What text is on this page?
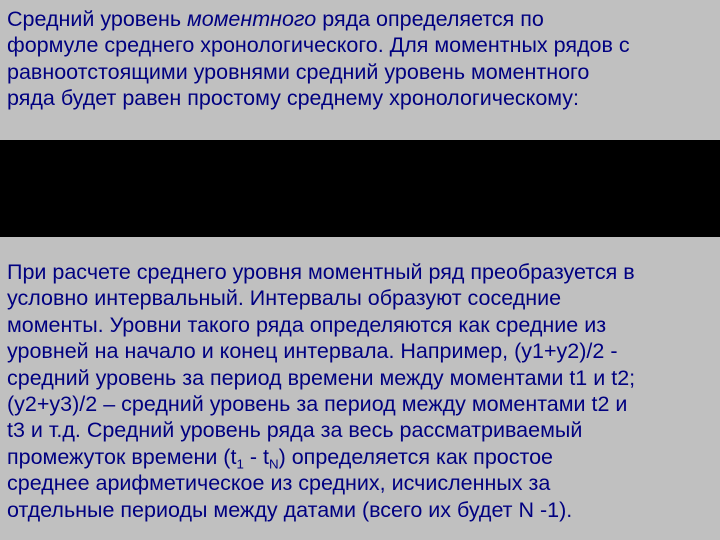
Средний уровень моментного ряда определяется по
формуле среднего хронологического. Для моментных рядов с
равноотстоящими уровнями средний уровень моментного
ряда будет равен простому среднему хронологическому:
При расчете среднего уровня моментный ряд преобразуется в
условно интервальный. Интервалы образуют соседние
моменты. Уровни такого ряда определяются как средние из
уровней на начало и конец интервала. Например, (у1+у2)/2 -
средний уровень за период времени между моментами t1 и t2;
(у2+у3)/2 – средний уровень за период между моментами t2 и
t3 и т.д. Средний уровень ряда за весь рассматриваемый
промежуток времени $(t_1 - t_N)$ определяется как простое
среднее арифметическое из средних, исчисленных за
отдельные периоды между датами (всего их будет N -1).
